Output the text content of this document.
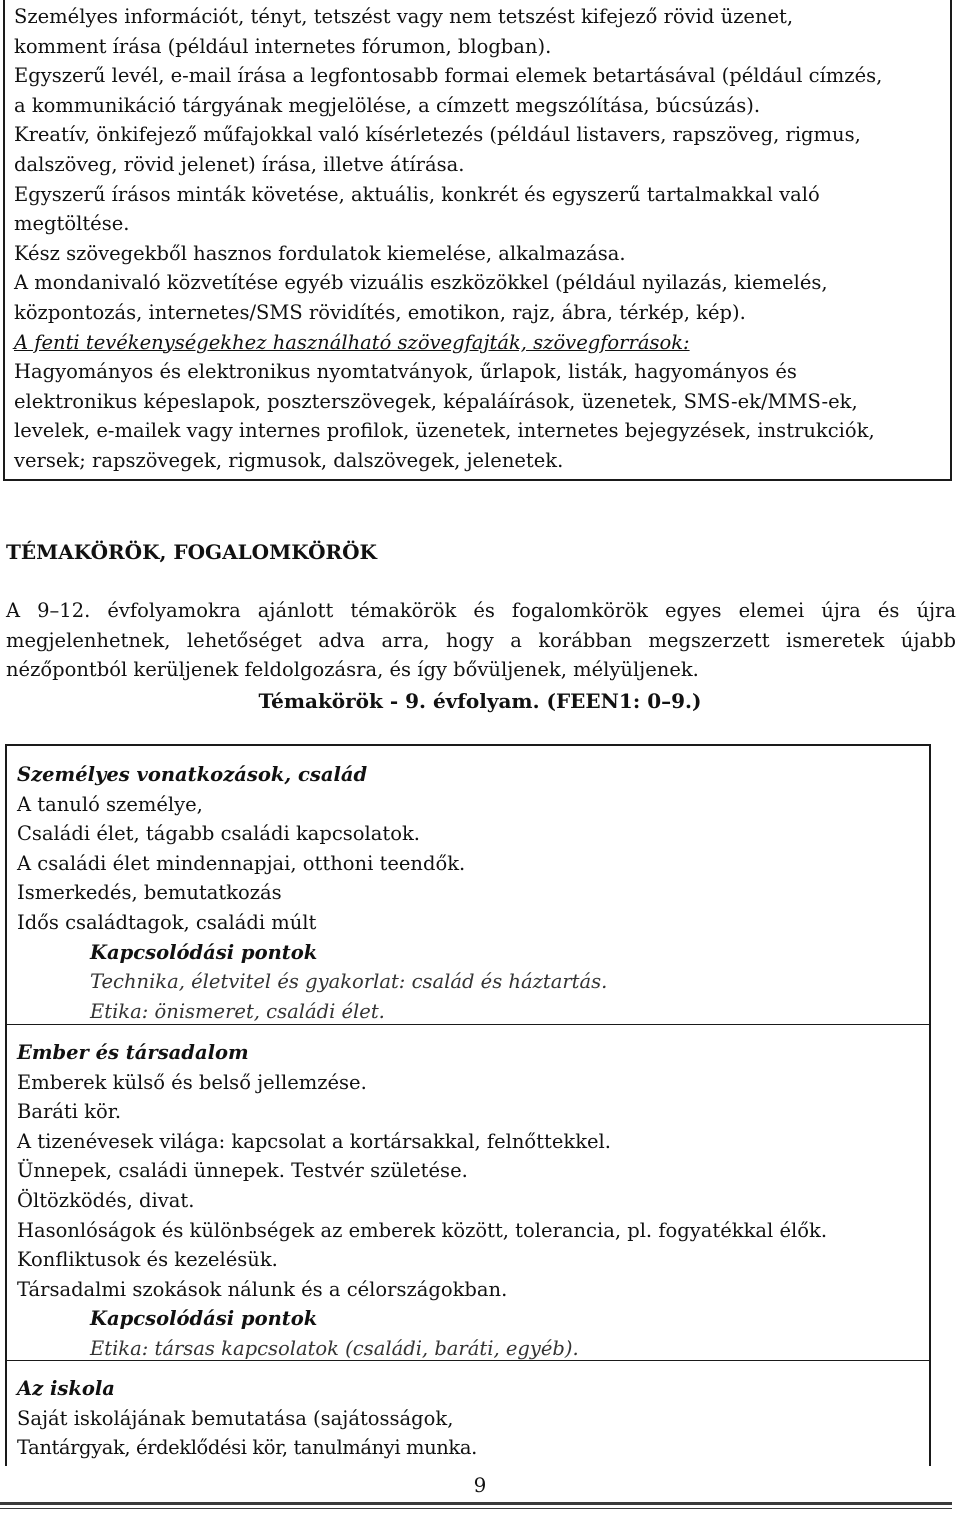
Személyes információt, tényt, tetszést vagy nem tetszést kifejező rövid üzenet,

komment írása (például internetes fórumon, blogban).

Egyszerű levél, e-mail írása a legfontosabb formai elemek betartásával (például címzés,

a kommunikáció tárgyának megjelölése, a címzett megszólítása, búcsúzás).

Kreatív, önkifejező műfajokkal való kísérletezés (például listavers, rapszöveg, rigmus,

dalszöveg, rövid jelenet) írása, illetve átírása.

Egyszerű írásos minták követése, aktuális, konkrét és egyszerű tartalmakkal való

megtöltése.

Kész szövegekből hasznos fordulatok kiemelése, alkalmazása.

A mondanivaló közvetítése egyéb vizuális eszközökkel (például nyilazás, kiemelés,

központozás, internetes/SMS rövidítés, emotikon, rajz, ábra, térkép, kép).

A fenti tevékenységekhez használható szövegfajták, szövegforrások:

Hagyományos és elektronikus nyomtatványok, űrlapok, listák, hagyományos és

elektronikus képeslapok, poszterszövegek, képaláírások, üzenetek, SMS-ek/MMS-ek,

levelek, e-mailek vagy internes profilok, üzenetek, internetes bejegyzések, instrukciók,

versek; rapszövegek, rigmusok, dalszövegek, jelenetek.

TÉMAKÖRÖK, FOGALOMKÖRÖK

A 9–12. évfolyamokra ajánlott témakörök és fogalomkörök egyes elemei újra és újra megjelenhetnek, lehetőséget adva arra, hogy a korábban megszerzett ismeretek újabb nézőpontból kerüljenek feldolgozásra, és így bővüljenek, mélyüljenek.

Témakörök - 9. évfolyam. (FEEN1: 0–9.)

Személyes vonatkozások, család

A tanuló személye,

Családi élet, tágabb családi kapcsolatok.

A családi élet mindennapjai, otthoni teendők.

Ismerkedés, bemutatkozás

Idős családtagok, családi múlt

Kapcsolódási pontok

Technika, életvitel és gyakorlat: család és háztartás.

Etika: önismeret, családi élet.

Ember és társadalom

Emberek külső és belső jellemzése.

Baráti kör.

A tizenévesek világa: kapcsolat a kortársakkal, felnőttekkel.

Ünnepek, családi ünnepek. Testvér születése.

Öltözködés, divat.

Hasonlóságok és különbségek az emberek között, tolerancia, pl. fogyatékkal élők.

Konfliktusok és kezelésük.

Társadalmi szokások nálunk és a célországokban.

Kapcsolódási pontok

Etika: társas kapcsolatok (családi, baráti, egyéb).

Az iskola

Saját iskolájának bemutatása (sajátosságok,

Tantárgyak, érdeklődési kör, tanulmányi munka.

9
